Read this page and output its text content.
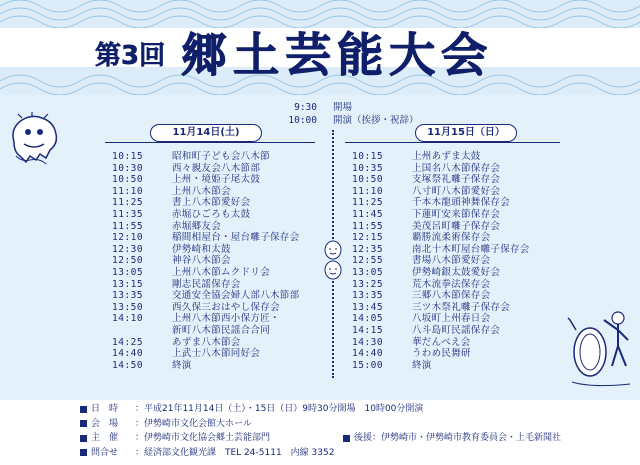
第3回 郷土芸能大会
9:30 開場
10:00 開演（挨拶・祝辞）
11月14日(土)	11月15日（日）
10:15	昭和町子ども会八木節
10:30	西々親友会八木節部
10:50	上州・境姫子尾太鼓
11:10	上州八木節会
11:25	書上八木節愛好会
11:35	赤堀ひごろも太鼓
11:55	赤堀郷友会
12:10	稲間相屋台・屋台囃子保存会
12:30	伊勢崎和太鼓
12:50	神谷八木節会
13:05	上州八木節ムクドリ会
13:15	剛志民謡保存会
13:35	交通安全協会婦人部八木節部
13:50	西久保三おはやし保存会
14:10	上州八木節西小保方匠・
新町八木節民謡合合同
14:25	あずま八木節会
14:40	上武士八木節同好会
14:50	終演
10:15	上州あずま太鼓
10:35	上国名八木節保存会
10:50	支塚祭礼囃子保存会
11:10	八寸町八木節愛好会
11:25	千本木龍頭神舞保存会
11:45	下蓮町安来節保存会
11:55	美茂呂町囃子保存会
12:15	覇勝流柔術保存会
12:35	南北十木町屋台囃子保存会
12:55	書場八木節愛好会
13:05	伊勢崎銀太鼓愛好会
13:25	荒木流拳法保存会
13:35	三郷八木節保存会
13:45	三ツ木祭礼囃子保存会
14:05	八坂町上州春日会
14:15	八斗島町民謡保存会
14:30	華だんべえ会
14:40	うわめ民舞研
15:00	終演
日　時	：平成21年11月14日（土）・15日（日）9時30分開場　10時00分開演
会　場	：伊勢崎市文化会館大ホール
主　催	：伊勢崎市文化協会郷土芸能部門	後援 ：伊勢崎市・伊勢崎市教育委員会・上毛新聞社
問合せ	：経済部文化観光課　TEL 24-5111　内線 3352
